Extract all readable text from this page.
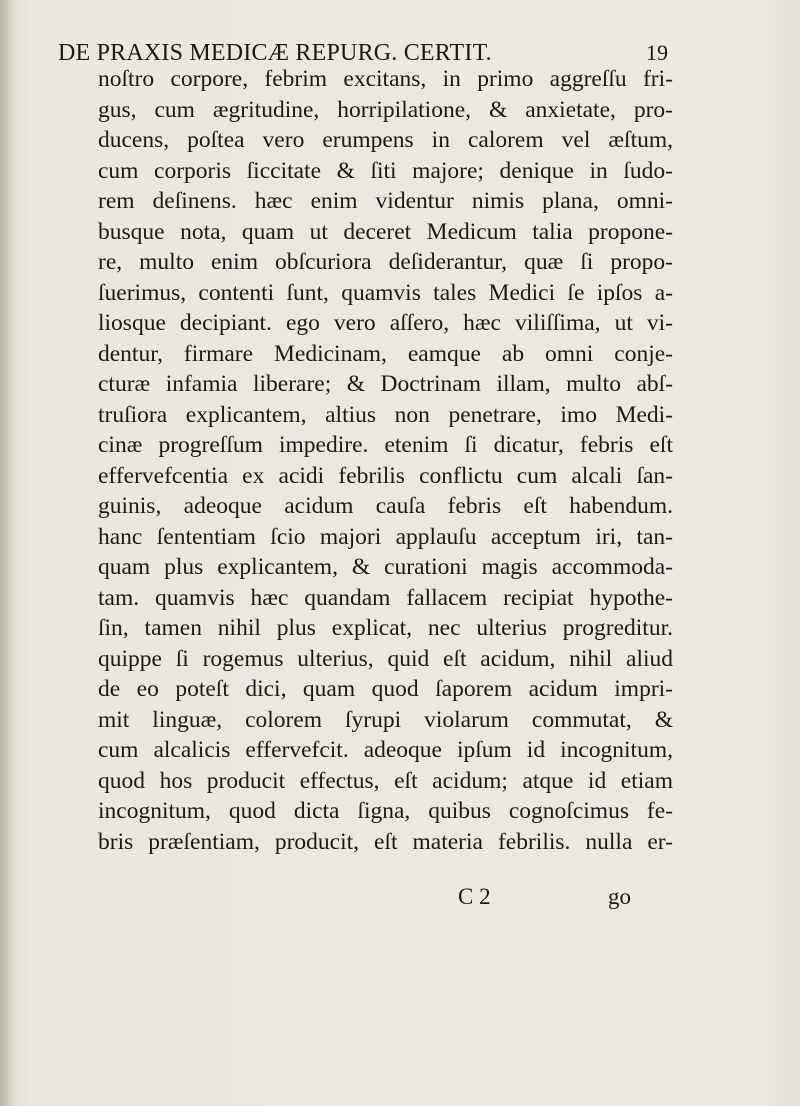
DE PRAXIS MEDICÆ REPURG. CERTIT.	19
noſtro corpore, febrim excitans, in primo aggreſſu fri-
gus, cum ægritudine, horripilatione, & anxietate, pro-
ducens, poſtea vero erumpens in calorem vel æſtum,
cum corporis ſiccitate & ſiti majore; denique in ſudo-
rem deſinens. hæc enim videntur nimis plana, omni-
busque nota, quam ut deceret Medicum talia propone-
re, multo enim obſcuriora deſiderantur, quæ ſi propo-
ſuerimus, contenti ſunt, quamvis tales Medici ſe ipſos a-
liosque decipiant. ego vero aſſero, hæc viliſſima, ut vi-
dentur, firmare Medicinam, eamque ab omni conje-
cturæ infamia liberare; & Doctrinam illam, multo abſ-
truſiora explicantem, altius non penetrare, imo Medi-
cinæ progreſſum impedire. etenim ſi dicatur, febris eſt
effervefcentia ex acidi febrilis conflictu cum alcali ſan-
guinis, adeoque acidum cauſa febris eſt habendum.
hanc ſententiam ſcio majori applauſu acceptum iri, tan-
quam plus explicantem, & curationi magis accommoda-
tam. quamvis hæc quandam fallacem recipiat hypothe-
ſin, tamen nihil plus explicat, nec ulterius progreditur.
quippe ſi rogemus ulterius, quid eſt acidum, nihil aliud
de eo poteſt dici, quam quod ſaporem acidum impri-
mit linguæ, colorem ſyrupi violarum commutat, &
cum alcalicis effervefcit. adeoque ipſum id incognitum,
quod hos producit effectus, eſt acidum; atque id etiam
incognitum, quod dicta ſigna, quibus cognoſcimus fe-
bris præſentiam, producit, eſt materia febrilis. nulla er-
C 2	go
